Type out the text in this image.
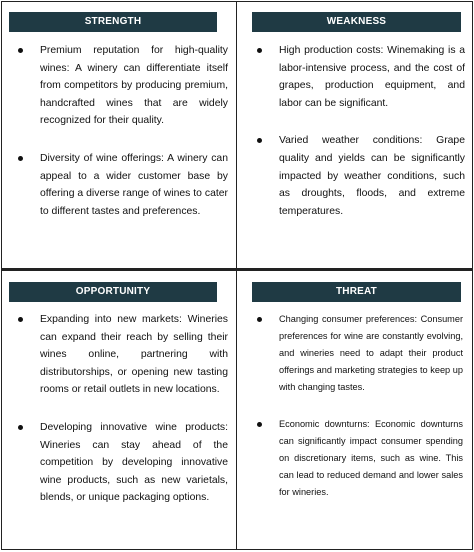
STRENGTH
Premium reputation for high-quality wines: A winery can differentiate itself from competitors by producing premium, handcrafted wines that are widely recognized for their quality.
Diversity of wine offerings: A winery can appeal to a wider customer base by offering a diverse range of wines to cater to different tastes and preferences.
WEAKNESS
High production costs: Winemaking is a labor-intensive process, and the cost of grapes, production equipment, and labor can be significant.
Varied weather conditions: Grape quality and yields can be significantly impacted by weather conditions, such as droughts, floods, and extreme temperatures.
OPPORTUNITY
Expanding into new markets: Wineries can expand their reach by selling their wines online, partnering with distributorships, or opening new tasting rooms or retail outlets in new locations.
Developing innovative wine products: Wineries can stay ahead of the competition by developing innovative wine products, such as new varietals, blends, or unique packaging options.
THREAT
Changing consumer preferences: Consumer preferences for wine are constantly evolving, and wineries need to adapt their product offerings and marketing strategies to keep up with changing tastes.
Economic downturns: Economic downturns can significantly impact consumer spending on discretionary items, such as wine. This can lead to reduced demand and lower sales for wineries.
